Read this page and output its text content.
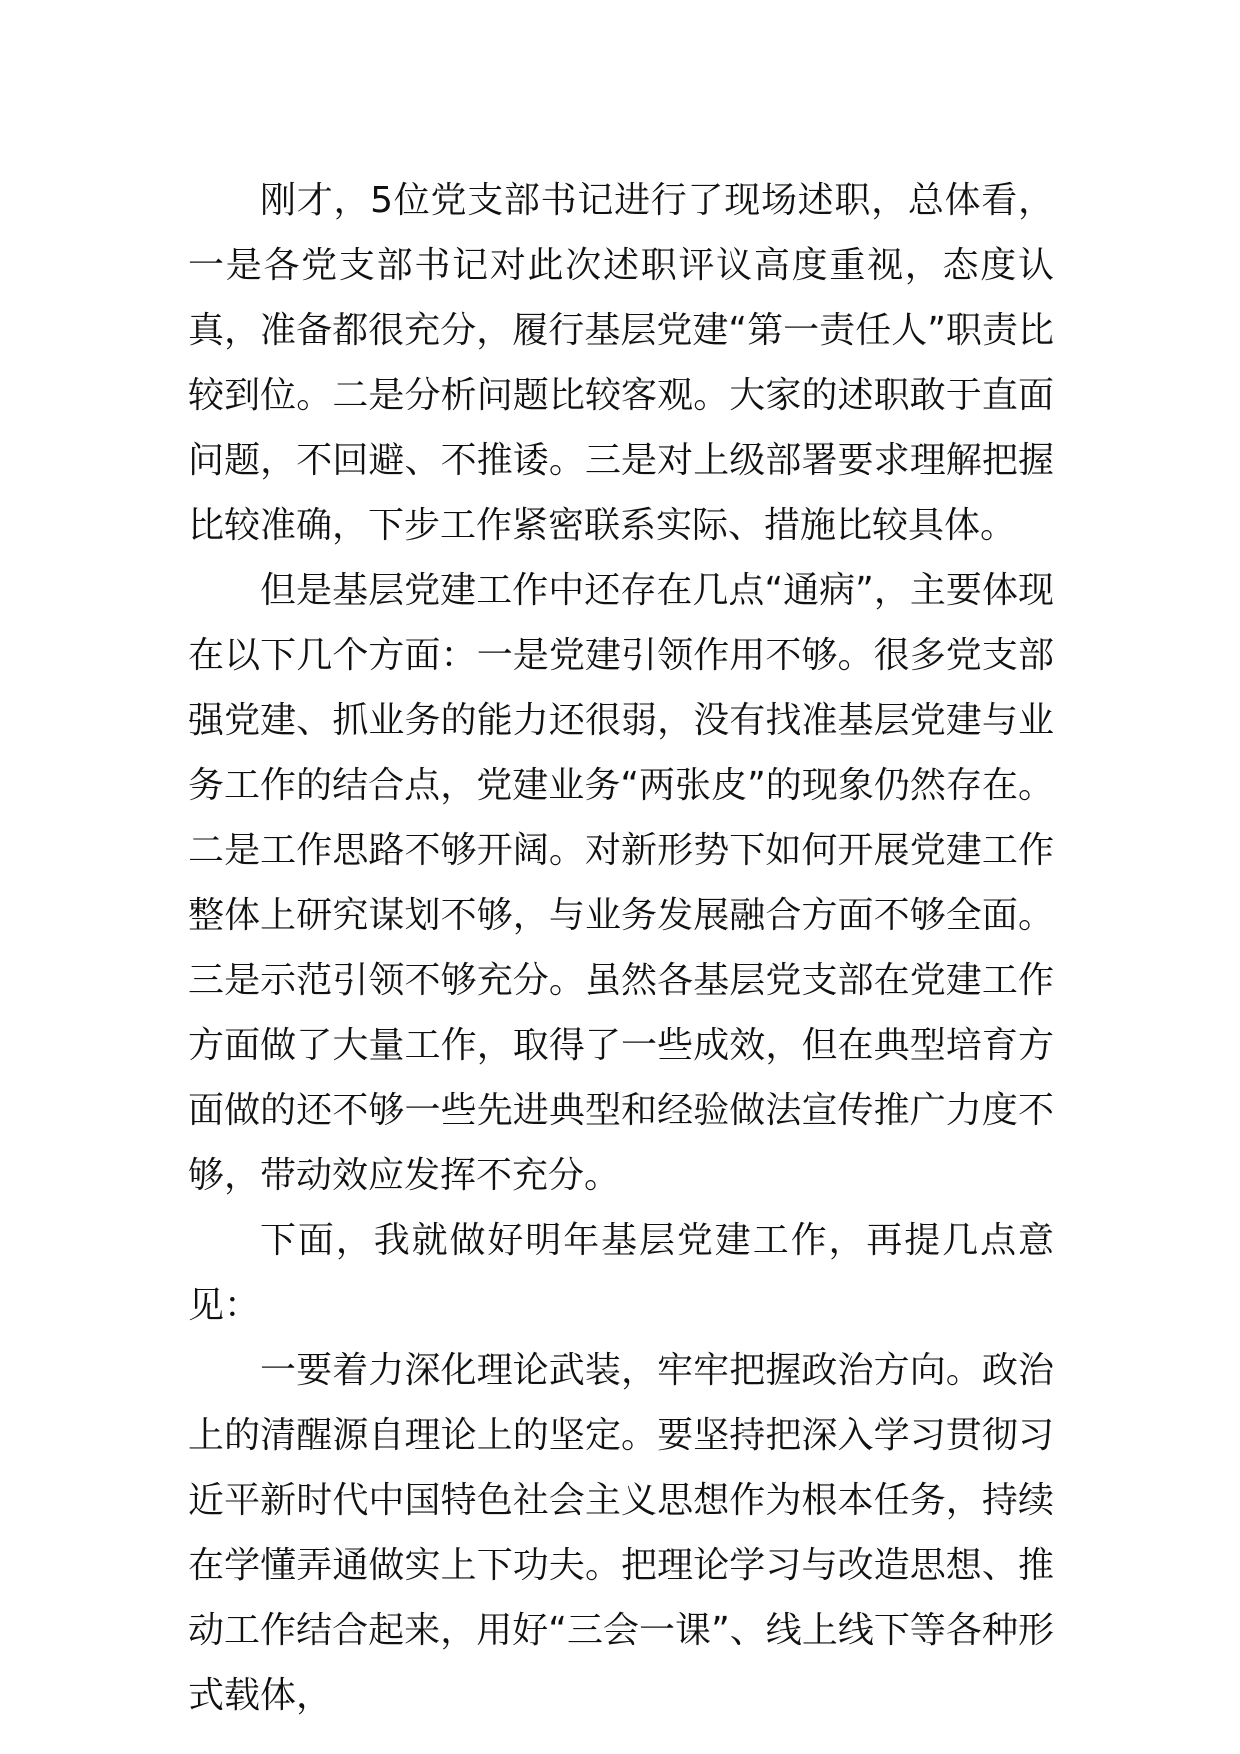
刚才，5位党支部书记进行了现场述职，总体看，一是各党支部书记对此次述职评议高度重视，态度认真，准备都很充分，履行基层党建“第一责任人”职责比较到位。二是分析问题比较客观。大家的述职敢于直面问题，不回避、不推诿。三是对上级部署要求理解把握比较准确，下步工作紧密联系实际、措施比较具体。

但是基层党建工作中还存在几点“通病”，主要体现在以下几个方面：一是党建引领作用不够。很多党支部强党建、抓业务的能力还很弱，没有找准基层党建与业务工作的结合点，党建业务“两张皮”的现象仍然存在。二是工作思路不够开阔。对新形势下如何开展党建工作整体上研究谋划不够，与业务发展融合方面不够全面。三是示范引领不够充分。虽然各基层党支部在党建工作方面做了大量工作，取得了一些成效，但在典型培育方面做的还不够一些先进典型和经验做法宣传推广力度不够，带动效应发挥不充分。

下面，我就做好明年基层党建工作，再提几点意见：

一要着力深化理论武装，牢牢把握政治方向。政治上的清醒源自理论上的坚定。要坚持把深入学习贯彻习近平新时代中国特色社会主义思想作为根本任务，持续在学懂弄通做实上下功夫。把理论学习与改造思想、推动工作结合起来，用好“三会一课”、线上线下等各种形式载体，
